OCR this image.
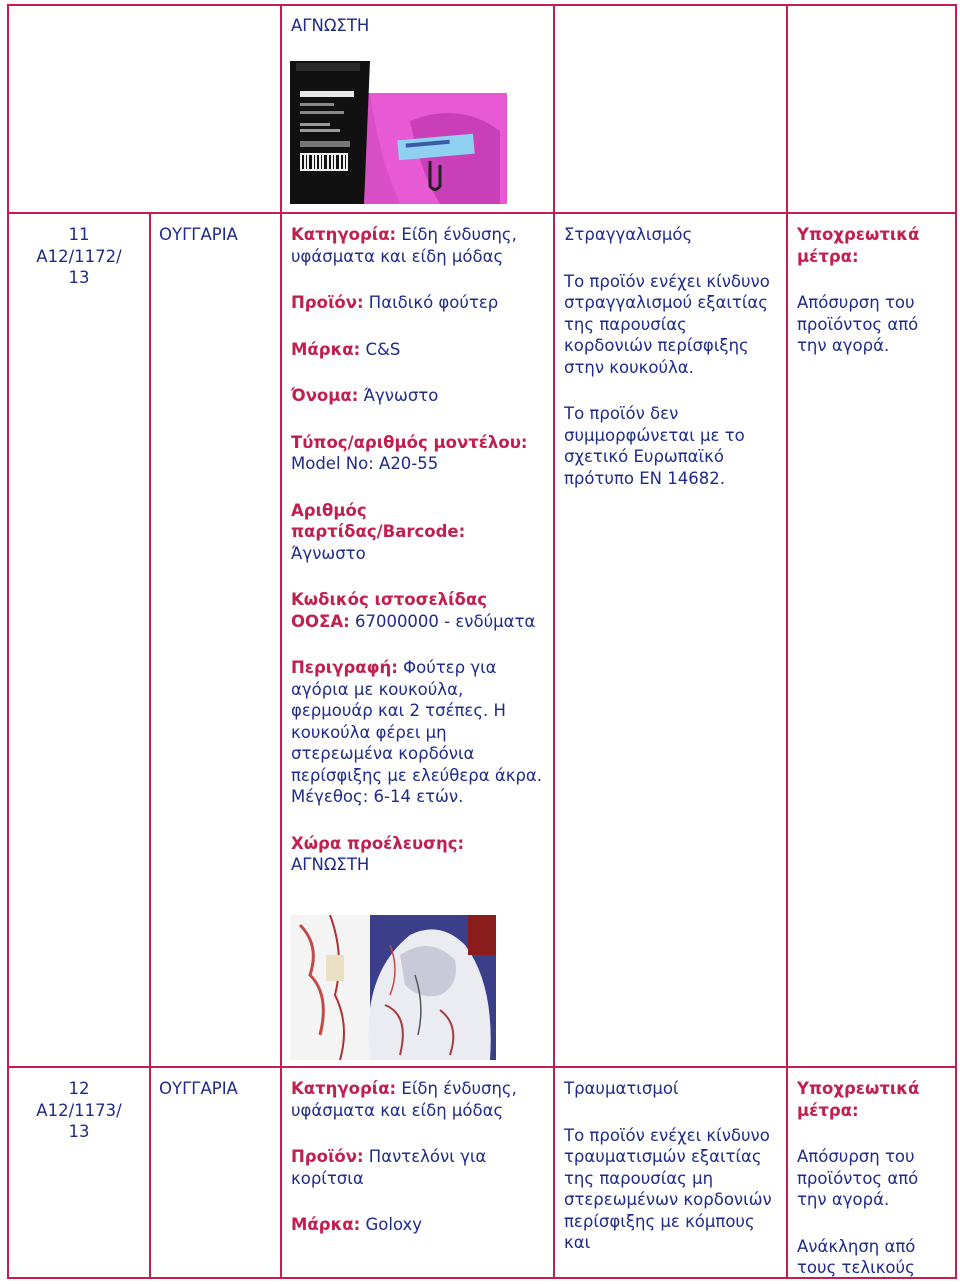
ΑΓΝΩΣΤΗ
11
A12/1172/
13
ΟΥΓΓΑΡΙΑ	Κατηγορία: Είδη ένδυσης, υφάσματα και είδη μόδας
Προϊόν: Παιδικό φούτερ
Μάρκα: C&S
Όνομα: Άγνωστο
Τύπος/αριθμός μοντέλου: Model No: A20-55
Αριθμός παρτίδας/Barcode: Άγνωστο
Κωδικός ιστοσελίδας ΟΟΣΑ: 67000000 - ενδύματα
Περιγραφή: Φούτερ για αγόρια με κουκούλα, φερμουάρ και 2 τσέπες. Η κουκούλα φέρει μη στερεωμένα κορδόνια περίσφιξης με ελεύθερα άκρα. Μέγεθος: 6-14 ετών.
Χώρα προέλευσης:
ΑΓΝΩΣΤΗ
Στραγγαλισμός
Το προϊόν ενέχει κίνδυνο στραγγαλισμού εξαιτίας της παρουσίας κορδονιών περίσφιξης στην κουκούλα.
Το προϊόν δεν συμμορφώνεται με το σχετικό Ευρωπαϊκό πρότυπο EN 14682.
Υποχρεωτικά μέτρα:
Απόσυρση του προϊόντος από την αγορά.
12
A12/1173/
13
ΟΥΓΓΑΡΙΑ	Κατηγορία: Είδη ένδυσης, υφάσματα και είδη μόδας
Προϊόν: Παντελόνι για κορίτσια
Μάρκα: Goloxy
Τραυματισμοί
Το προϊόν ενέχει κίνδυνο τραυματισμών εξαιτίας της παρουσίας μη στερεωμένων κορδονιών περίσφιξης με κόμπους και
Υποχρεωτικά μέτρα:
Απόσυρση του προϊόντος από την αγορά.
Ανάκληση από τους τελικούς
